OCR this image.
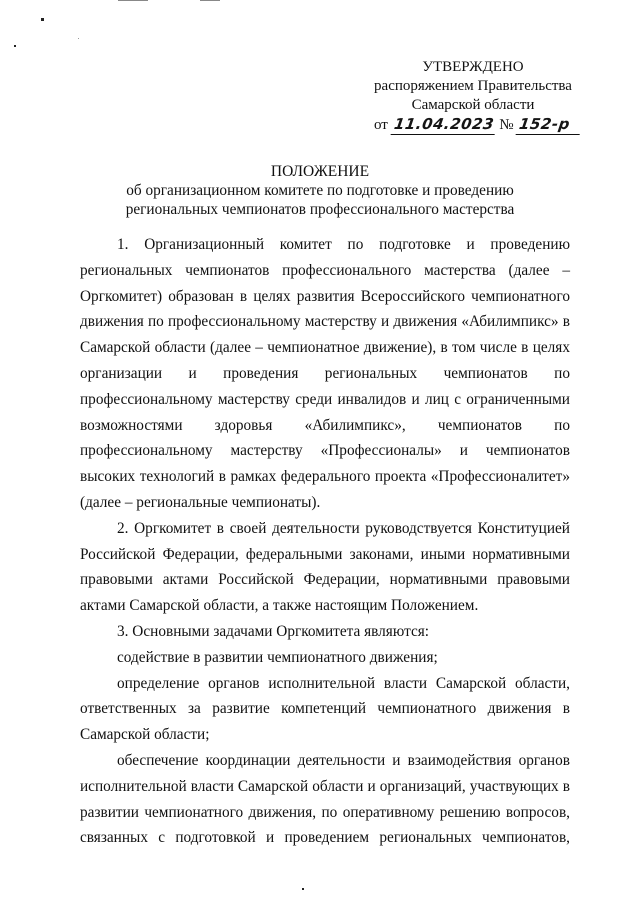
УТВЕРЖДЕНО
распоряжением Правительства
Самарской области
от 11.04.2023 № 152-р
ПОЛОЖЕНИЕ
об организационном комитете по подготовке и проведению
региональных чемпионатов профессионального мастерства

1. Организационный комитет по подготовке и проведению региональных чемпионатов профессионального мастерства (далее – Оргкомитет) образован в целях развития Всероссийского чемпионатного движения по профессиональному мастерству и движения «Абилимпикс» в Самарской области (далее – чемпионатное движение), в том числе в целях организации и проведения региональных чемпионатов по профессиональному мастерству среди инвалидов и лиц с ограниченными возможностями здоровья «Абилимпикс», чемпионатов по профессиональному мастерству «Профессионалы» и чемпионатов высоких технологий в рамках федерального проекта «Профессионалитет» (далее – региональные чемпионаты).

2. Оргкомитет в своей деятельности руководствуется Конституцией Российской Федерации, федеральными законами, иными нормативными правовыми актами Российской Федерации, нормативными правовыми актами Самарской области, а также настоящим Положением.

3. Основными задачами Оргкомитета являются:

содействие в развитии чемпионатного движения;

определение органов исполнительной власти Самарской области, ответственных за развитие компетенций чемпионатного движения в Самарской области;

обеспечение координации деятельности и взаимодействия органов исполнительной власти Самарской области и организаций, участвующих в развитии чемпионатного движения, по оперативному решению вопросов, связанных с подготовкой и проведением региональных чемпионатов,
